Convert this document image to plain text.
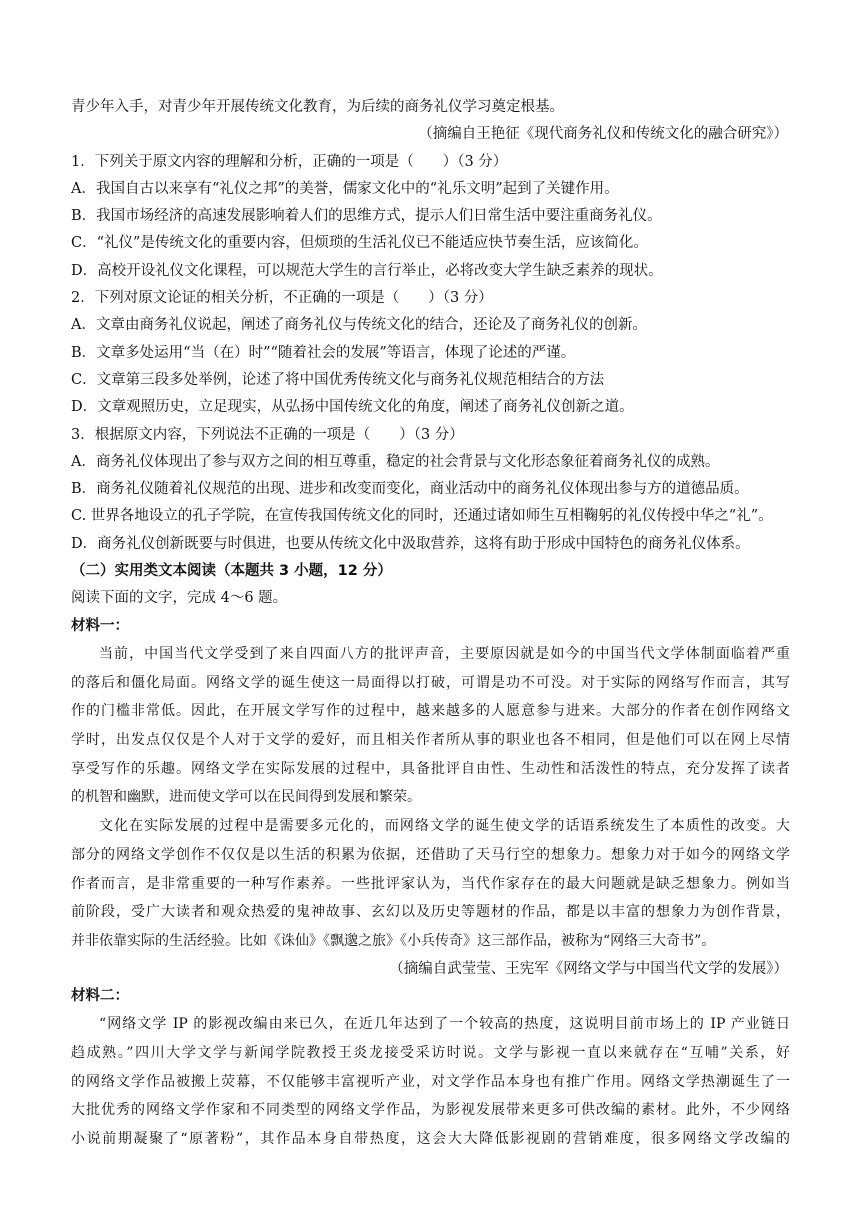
青少年入手，对青少年开展传统文化教育，为后续的商务礼仪学习奠定根基。
（摘编自王艳征《现代商务礼仪和传统文化的融合研究》）
1．下列关于原文内容的理解和分析，正确的一项是（　　）（3 分）
A．我国自古以来享有“礼仪之邦”的美誉，儒家文化中的“礼乐文明”起到了关键作用。
B．我国市场经济的高速发展影响着人们的思维方式，提示人们日常生活中要注重商务礼仪。
C．“礼仪”是传统文化的重要内容，但烦琐的生活礼仪已不能适应快节奏生活，应该简化。
D．高校开设礼仪文化课程，可以规范大学生的言行举止，必将改变大学生缺乏素养的现状。
2．下列对原文论证的相关分析，不正确的一项是（　　）（3 分）
A．文章由商务礼仪说起，阐述了商务礼仪与传统文化的结合，还论及了商务礼仪的创新。
B．文章多处运用“当（在）时”“随着社会的发展”等语言，体现了论述的严谨。
C．文章第三段多处举例，论述了将中国优秀传统文化与商务礼仪规范相结合的方法
D．文章观照历史，立足现实，从弘扬中国传统文化的角度，阐述了商务礼仪创新之道。
3．根据原文内容，下列说法不正确的一项是（　　）（3 分）
A．商务礼仪体现出了参与双方之间的相互尊重，稳定的社会背景与文化形态象征着商务礼仪的成熟。
B．商务礼仪随着礼仪规范的出现、进步和改变而变化，商业活动中的商务礼仪体现出参与方的道德品质。
C. 世界各地设立的孔子学院，在宣传我国传统文化的同时，还通过诸如师生互相鞠躬的礼仪传授中华之“礼”。
D．商务礼仪创新既要与时俱进，也要从传统文化中汲取营养，这将有助于形成中国特色的商务礼仪体系。
（二）实用类文本阅读（本题共 3 小题，12 分）
阅读下面的文字，完成 4～6 题。
材料一：
当前，中国当代文学受到了来自四面八方的批评声音，主要原因就是如今的中国当代文学体制面临着严重
的落后和僵化局面。网络文学的诞生使这一局面得以打破，可谓是功不可没。对于实际的网络写作而言，其写
作的门槛非常低。因此，在开展文学写作的过程中，越来越多的人愿意参与进来。大部分的作者在创作网络文
学时，出发点仅仅是个人对于文学的爱好，而且相关作者所从事的职业也各不相同，但是他们可以在网上尽情
享受写作的乐趣。网络文学在实际发展的过程中，具备批评自由性、生动性和活泼性的特点，充分发挥了读者
的机智和幽默，进而使文学可以在民间得到发展和繁荣。
文化在实际发展的过程中是需要多元化的，而网络文学的诞生使文学的话语系统发生了本质性的改变。大
部分的网络文学创作不仅仅是以生活的积累为依据，还借助了天马行空的想象力。想象力对于如今的网络文学
作者而言，是非常重要的一种写作素养。一些批评家认为，当代作家存在的最大问题就是缺乏想象力。例如当
前阶段，受广大读者和观众热爱的鬼神故事、玄幻以及历史等题材的作品，都是以丰富的想象力为创作背景，
并非依靠实际的生活经验。比如《诛仙》《飘邈之旅》《小兵传奇》这三部作品，被称为“网络三大奇书”。
（摘编自武莹莹、王宪军《网络文学与中国当代文学的发展》）
材料二：
“网络文学 IP 的影视改编由来已久，在近几年达到了一个较高的热度，这说明目前市场上的 IP 产业链日
趋成熟。”四川大学文学与新闻学院教授王炎龙接受采访时说。文学与影视一直以来就存在“互哺”关系，好
的网络文学作品被搬上荧幕，不仅能够丰富视听产业，对文学作品本身也有推广作用。网络文学热潮诞生了一
大批优秀的网络文学作家和不同类型的网络文学作品，为影视发展带来更多可供改编的素材。此外，不少网络
小说前期凝聚了“原著粉”，其作品本身自带热度，这会大大降低影视剧的营销难度，很多网络文学改编的
